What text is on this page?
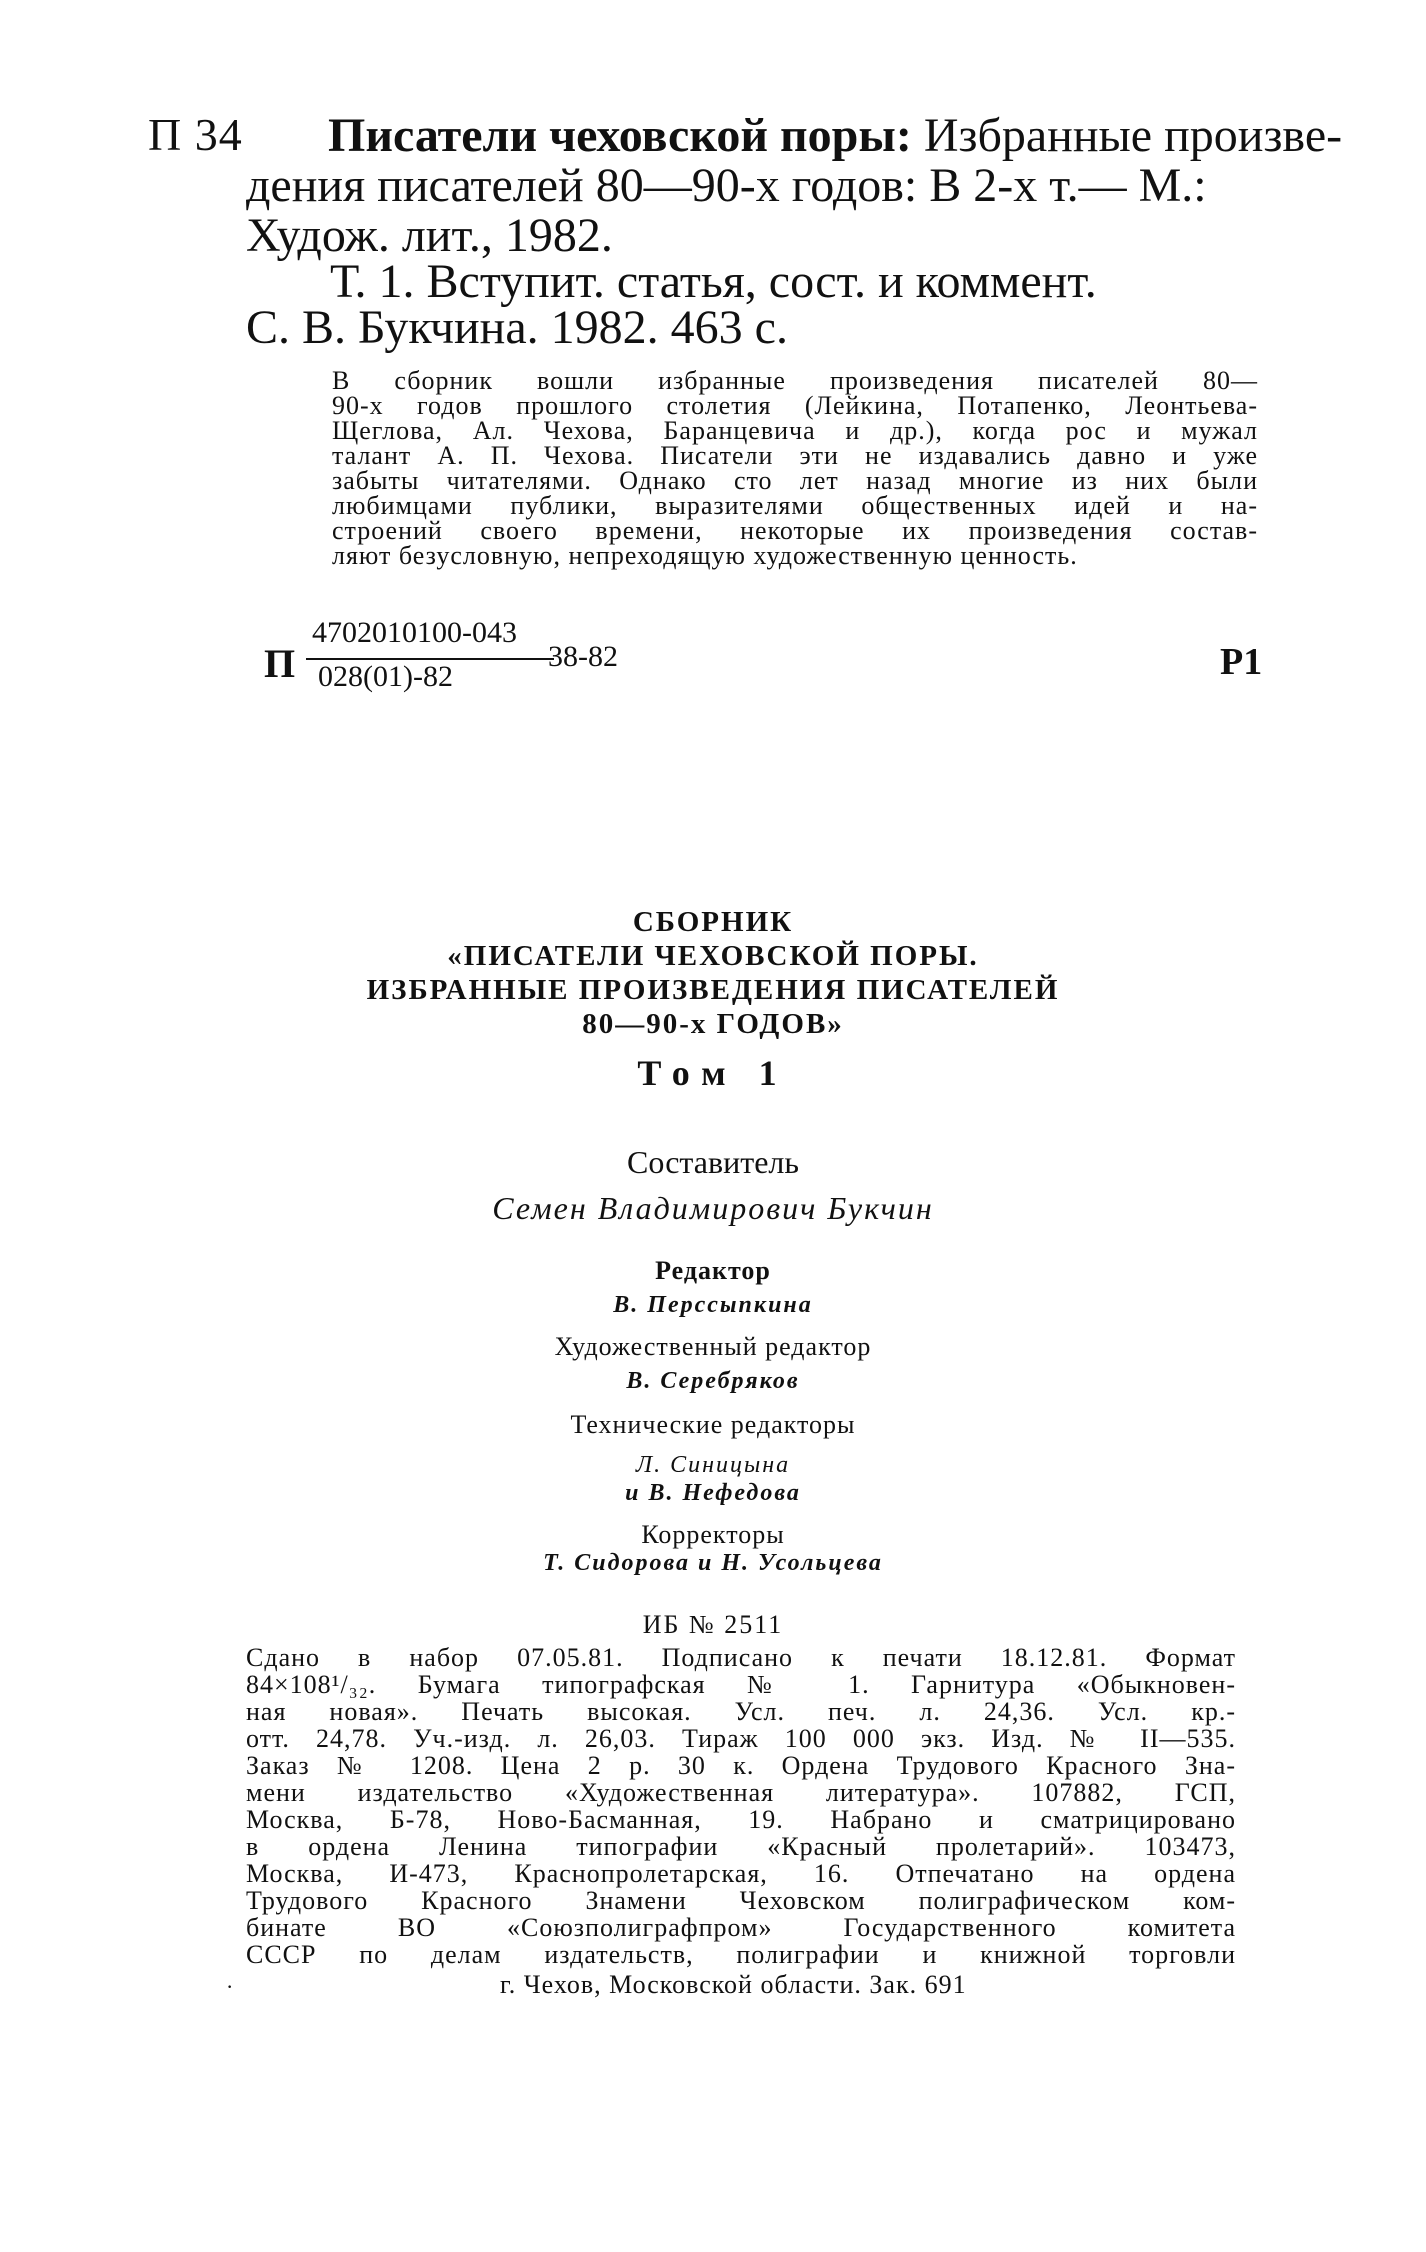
П 34 Писатели чеховской поры: Избранные произве-
дения писателей 80—90-х годов: В 2-х т.— М.:
Худож. лит., 1982.
Т. 1. Вступит. статья, сост. и коммент.
С. В. Букчина. 1982. 463 с.
В сборник вошли избранные произведения писателей 80—
90-х годов прошлого столетия (Лейкина, Потапенко, Леонтьева-
Щеглова, Ал. Чехова, Баранцевича и др.), когда рос и мужал
талант А. П. Чехова. Писатели эти не издавались давно и уже
забыты читателями. Однако сто лет назад многие из них были
любимцами публики, выразителями общественных идей и на-
строений своего времени, некоторые их произведения состав-
ляют безусловную, непреходящую художественную ценность.
П
4702010100-043
028(01)-82
38-82	Р1
СБОРНИК
«ПИСАТЕЛИ ЧЕХОВСКОЙ ПОРЫ.
ИЗБРАННЫЕ ПРОИЗВЕДЕНИЯ ПИСАТЕЛЕЙ
80—90-х ГОДОВ»
Том 1
Составитель
Семен Владимирович Букчин
Редактор
В. Перссыпкина
Художественный редактор
В. Серебряков
Технические редакторы
Л. Синицына
и В. Нефедова
Корректоры
Т. Сидорова и Н. Усольцева
ИБ № 2511
Сдано в набор 07.05.81. Подписано к печати 18.12.81. Формат
84×108¹/₃₂. Бумага типографская № 1. Гарнитура «Обыкновен-
ная новая». Печать высокая. Усл. печ. л. 24,36. Усл. кр.-
отт. 24,78. Уч.-изд. л. 26,03. Тираж 100 000 экз. Изд. № II—535.
Заказ № 1208. Цена 2 р. 30 к. Ордена Трудового Красного Зна-
мени издательство «Художественная литература». 107882, ГСП,
Москва, Б-78, Ново-Басманная, 19. Набрано и сматрицировано
в ордена Ленина типографии «Красный пролетарий». 103473,
Москва, И-473, Краснопролетарская, 16. Отпечатано на ордена
Трудового Красного Знамени Чеховском полиграфическом ком-
бинате ВО «Союзполиграфпром» Государственного комитета
СССР по делам издательств, полиграфии и книжной торговли
г. Чехов, Московской области. Зак. 691
·
